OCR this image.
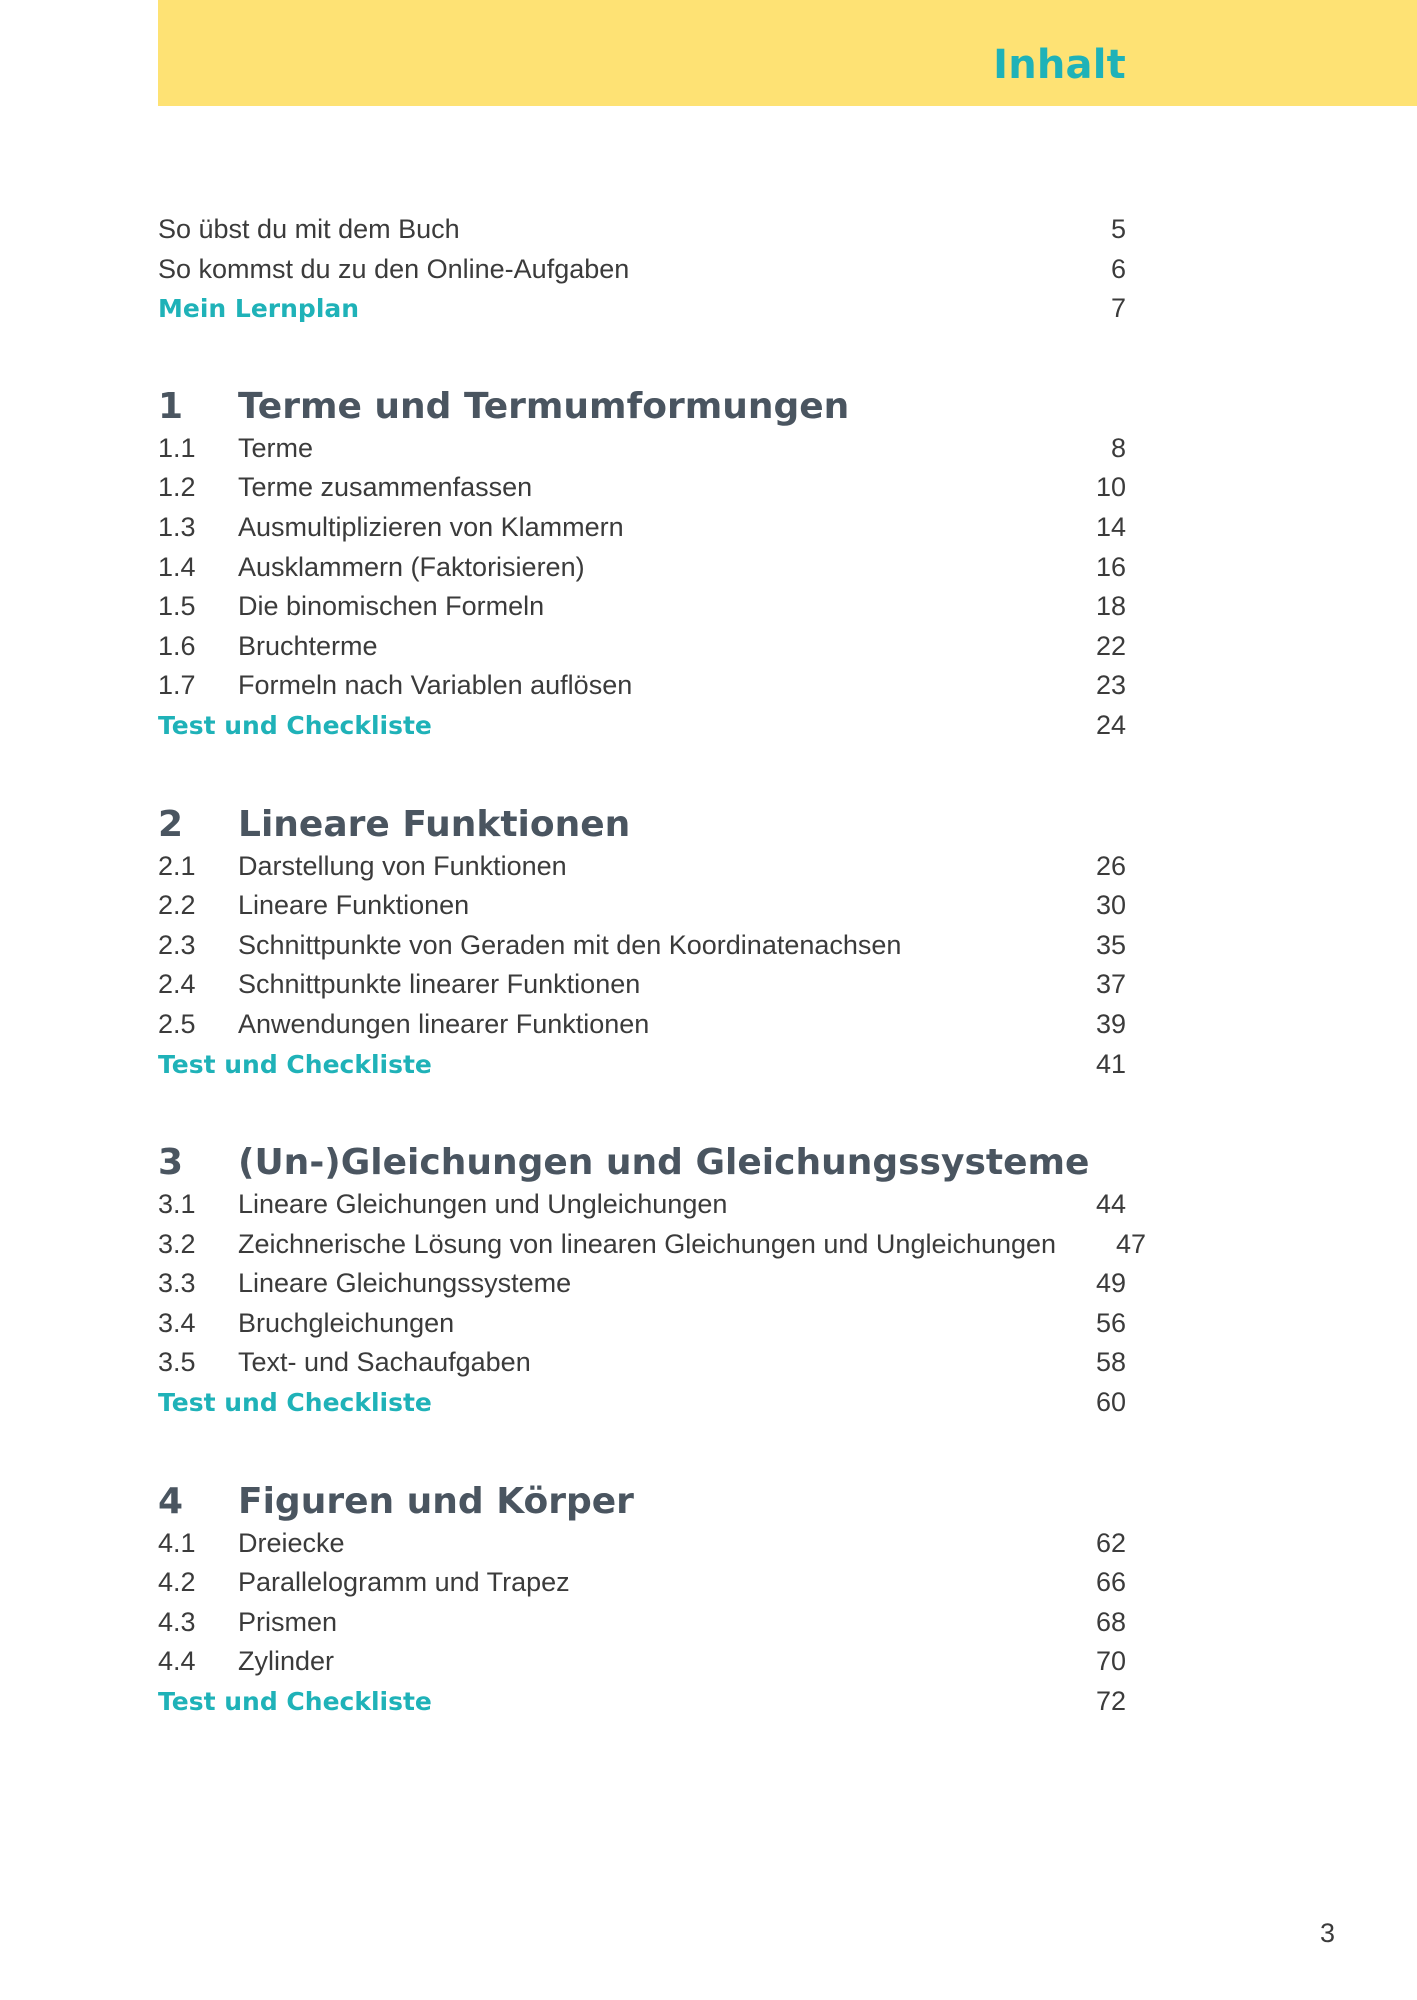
Inhalt
So übst du mit dem Buch	5
So kommst du zu den Online-Aufgaben	6
Mein Lernplan	7
1	Terme und Termumformungen
1.1	Terme	8
1.2	Terme zusammenfassen	10
1.3	Ausmultiplizieren von Klammern	14
1.4	Ausklammern (Faktorisieren)	16
1.5	Die binomischen Formeln	18
1.6	Bruchterme	22
1.7	Formeln nach Variablen auflösen	23
Test und Checkliste	24
2	Lineare Funktionen
2.1	Darstellung von Funktionen	26
2.2	Lineare Funktionen	30
2.3	Schnittpunkte von Geraden mit den Koordinatenachsen	35
2.4	Schnittpunkte linearer Funktionen	37
2.5	Anwendungen linearer Funktionen	39
Test und Checkliste	41
3	(Un-)Gleichungen und Gleichungssysteme
3.1	Lineare Gleichungen und Ungleichungen	44
3.2	Zeichnerische Lösung von linearen Gleichungen und Ungleichungen	47
3.3	Lineare Gleichungssysteme	49
3.4	Bruchgleichungen	56
3.5	Text- und Sachaufgaben	58
Test und Checkliste	60
4	Figuren und Körper
4.1	Dreiecke	62
4.2	Parallelogramm und Trapez	66
4.3	Prismen	68
4.4	Zylinder	70
Test und Checkliste	72
3
